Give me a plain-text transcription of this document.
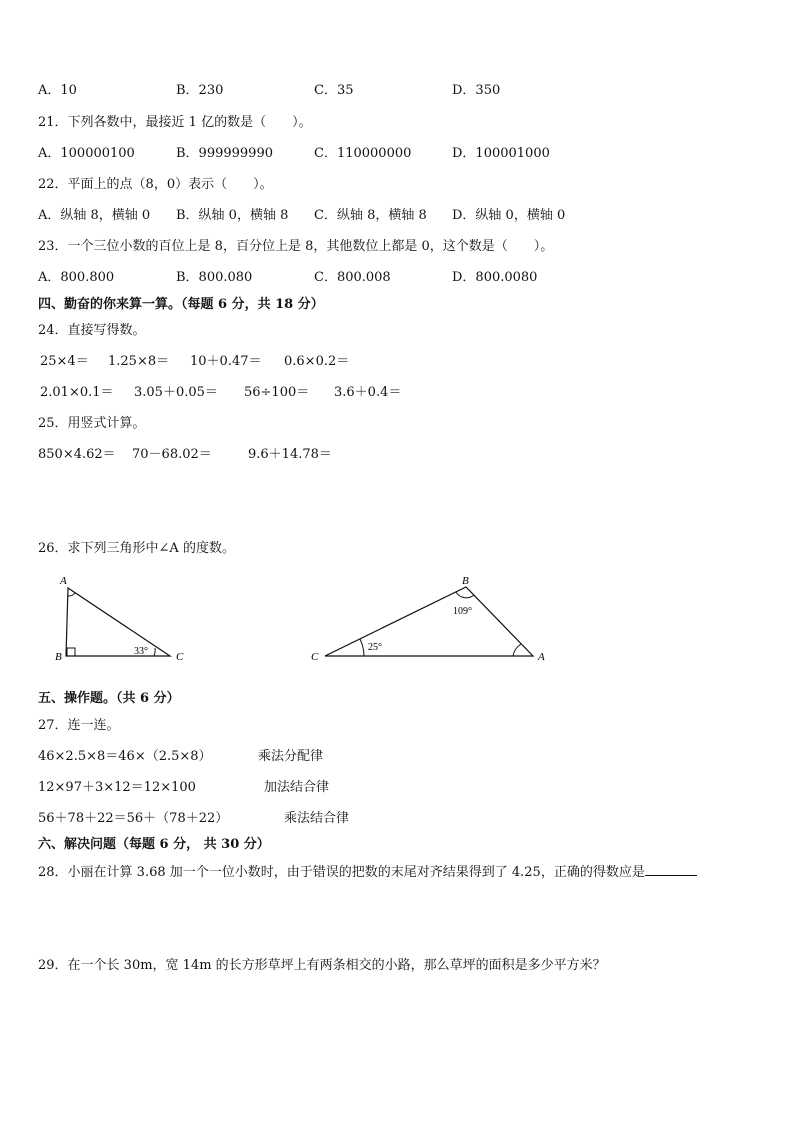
A．10	B．230	C．35	D．350
21．下列各数中，最接近 1 亿的数是（　　）。
A．100000100	B．999999990	C．110000000	D．100001000
22．平面上的点（8，0）表示（　　）。
A．纵轴 8，横轴 0 B．纵轴 0，横轴 8 C．纵轴 8，横轴 8 D．纵轴 0，横轴 0
23．一个三位小数的百位上是 8，百分位上是 8，其他数位上都是 0，这个数是（　　）。
A．800.800	B．800.080	C．800.008	D．800.0080
四、勤奋的你来算一算。（每题 6 分，共 18 分）
24．直接写得数。
25×4＝ 1.25×8＝ 10＋0.47＝ 0.6×0.2＝
2.01×0.1＝ 3.05＋0.05＝ 56÷100＝ 3.6＋0.4＝
25．用竖式计算。
850×4.62＝ 70－68.02＝	9.6＋14.78＝
26．求下列三角形中∠A 的度数。
A
B	C
33°
B
C	A
109°
25°
五、操作题。（共 6 分）
27．连一连。
46×2.5×8＝46×（2.5×8）
12×97＋3×12＝12×100
56＋78＋22＝56＋（78＋22）
乘法分配律
加法结合律
乘法结合律
六、解决问题（每题 6 分， 共 30 分）
28．小丽在计算 3.68 加一个一位小数时，由于错误的把数的末尾对齐结果得到了 4.25，正确的得数应是
29．在一个长 30m，宽 14m 的长方形草坪上有两条相交的小路，那么草坪的面积是多少平方米？
